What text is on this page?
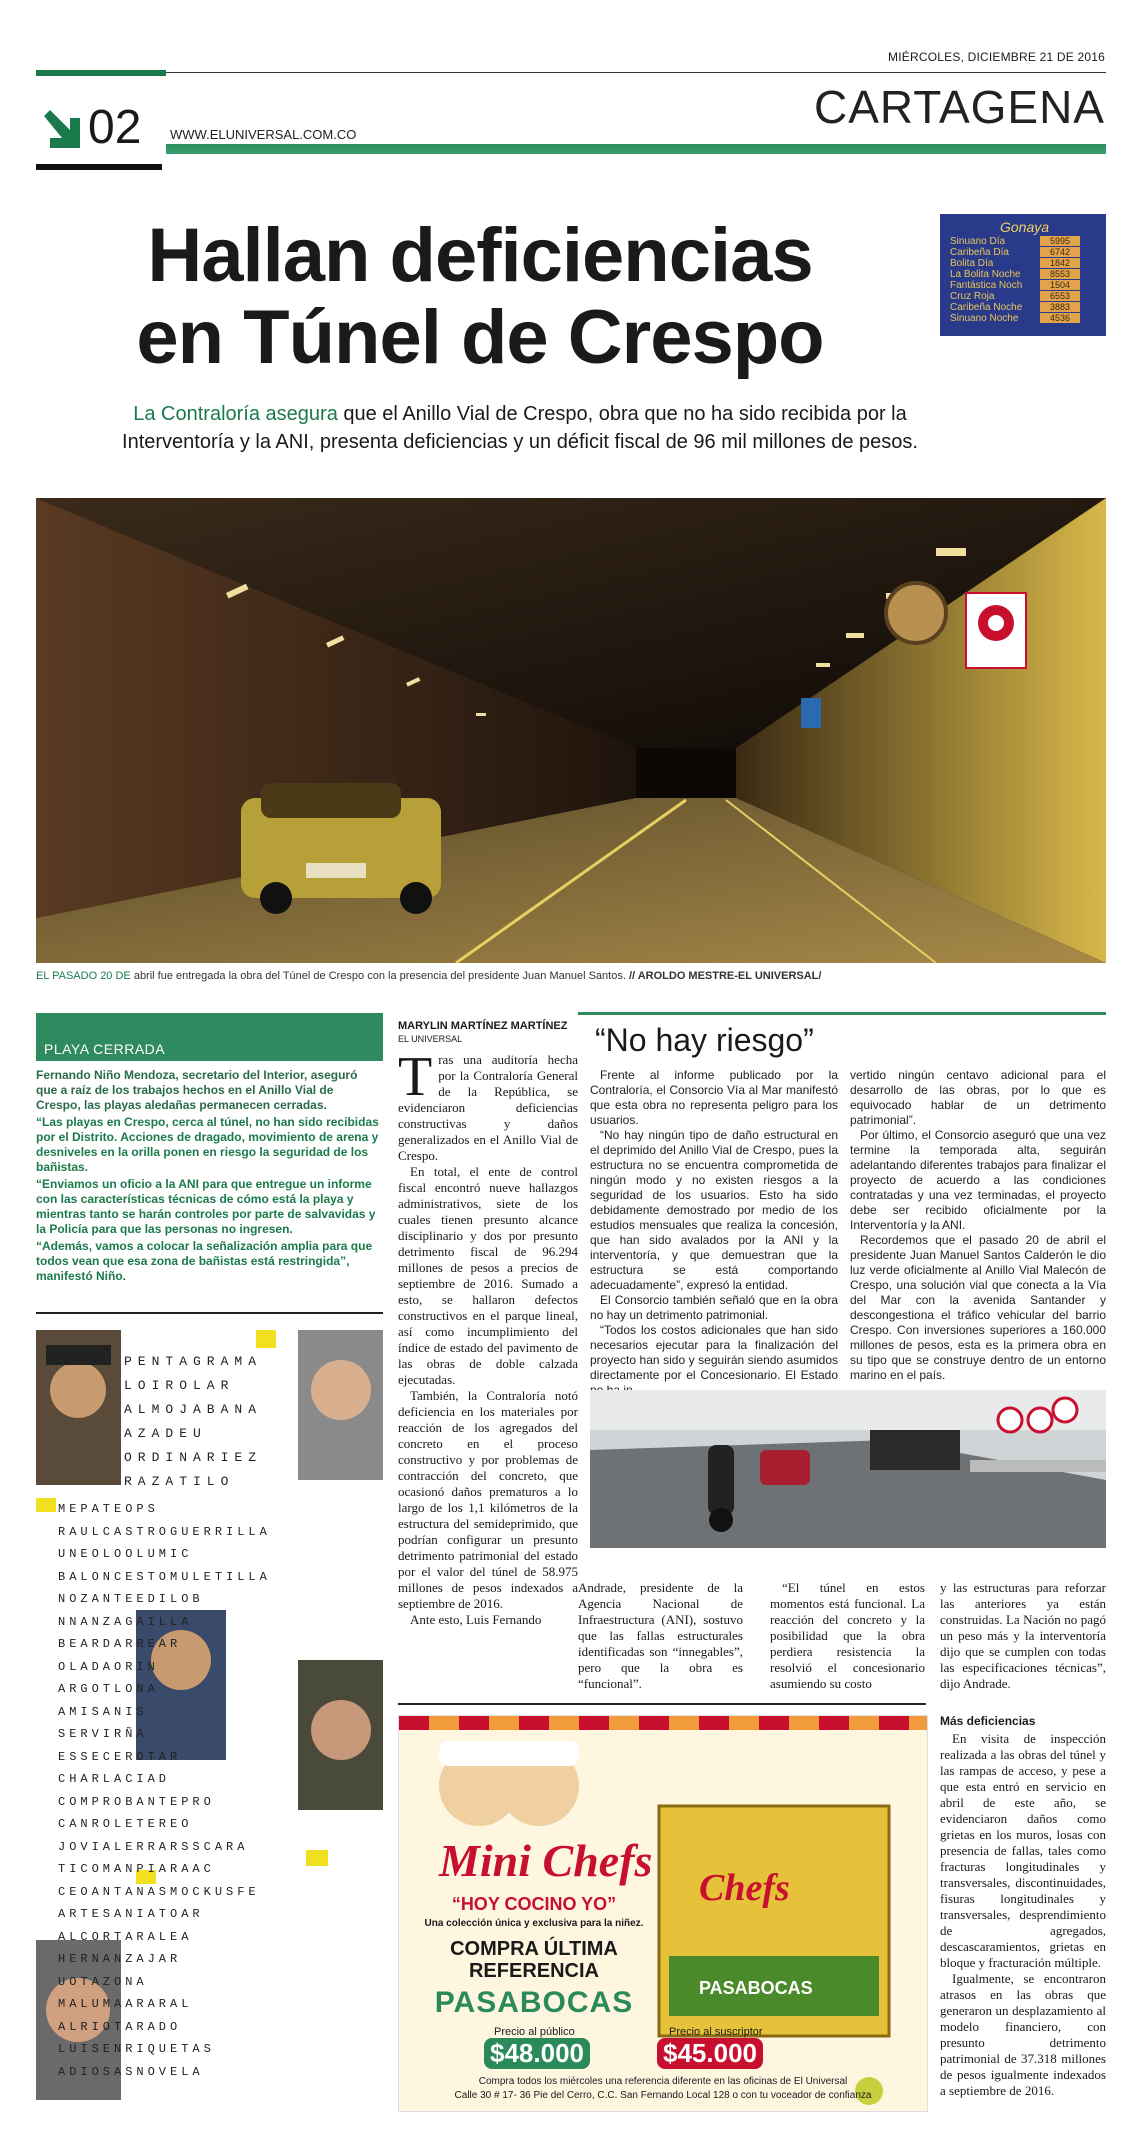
MIÉRCOLES, DICIEMBRE 21 DE 2016
CARTAGENA
02 WWW.ELUNIVERSAL.COM.CO
Hallan deficiencias
en Túnel de Crespo
La Contraloría asegura que el Anillo Vial de Crespo, obra que no ha sido recibida por la
Interventoría y la ANI, presenta deficiencias y un déficit fiscal de 96 mil millones de pesos.
Gonaya
Sinuano Día	5995
Caribeña Día	6742
Bolita Día	1842
La Bolita Noche	8553
Fantástica Noch	1504
Cruz Roja	6553
Caribeña Noche	3883
Sinuano Noche	4536
EL PASADO 20 DE abril fue entregada la obra del Túnel de Crespo con la presencia del presidente Juan Manuel Santos. // AROLDO MESTRE-EL UNIVERSAL/
PLAYA CERRADA

Fernando Niño Mendoza, secretario del Interior, aseguró que a raíz de los trabajos hechos en el Anillo Vial de Crespo, las playas aledañas permanecen cerradas.

“Las playas en Crespo, cerca al túnel, no han sido recibidas por el Distrito. Acciones de dragado, movimiento de arena y desniveles en la orilla ponen en riesgo la seguridad de los bañistas.

“Enviamos un oficio a la ANI para que entregue un informe con las características técnicas de cómo está la playa y mientras tanto se harán controles por parte de salvavidas y la Policía para que las personas no ingresen.

“Además, vamos a colocar la señalización amplia para que todos vean que esa zona de bañistas está restringida”, manifestó Niño.

PENTAGRAMA
LOIROLAR
ALMOJABANA
AZADEU
ORDINARIEZ
RAZATILO
MEPATEOPS
RAULCASTROGUERRILLA
UNEOLOOLUMIC
BALONCESTOMULETILLA
NOZANTEEDILOB
NNANZAGAILLA
BEARDARREAR
OLADAORIN
ARGOTLONA
AMISANIS
SERVIRÑA
ESSECEROTAR
CHARLACIAD
COMPROBANTEPRO
CANROLETEREO
JOVIALERRARSSCARA
TICOMANPIARAAC
CEOANTANASMOCKUSFE
ARTESANIATOAR
ALCORTARALEA
HERNANZAJAR
UOTAZONA
MALUMAARARAL
ALRIOTARADO
LUISENRIQUETAS
ADIOSASNOVELA
MARYLIN MARTÍNEZ MARTÍNEZ
EL UNIVERSAL
T ras una auditoría hecha por la Contraloría General de la República, se evidenciaron deficiencias constructivas y daños generalizados en el Anillo Vial de Crespo.

En total, el ente de control fiscal encontró nueve hallazgos administrativos, siete de los cuales tienen presunto alcance disciplinario y dos por presunto detrimento fiscal de 96.294 millones de pesos a precios de septiembre de 2016. Sumado a esto, se hallaron defectos constructivos en el parque lineal, así como incumplimiento del índice de estado del pavimento de las obras de doble calzada ejecutadas.

También, la Contraloría notó deficiencia en los materiales por reacción de los agregados del concreto en el proceso constructivo y por problemas de contracción del concreto, que ocasionó daños prematuros a lo largo de los 1,1 kilómetros de la estructura del semideprimido, que podrían configurar un presunto detrimento patrimonial del estado por el valor del túnel de 58.975 millones de pesos indexados a septiembre de 2016.

Ante esto, Luis Fernando

“No hay riesgo”

Frente al informe publicado por la Contraloría, el Consorcio Vía al Mar manifestó que esta obra no representa peligro para los usuarios.

“No hay ningún tipo de daño estructural en el deprimido del Anillo Vial de Crespo, pues la estructura no se encuentra comprometida de ningún modo y no existen riesgos a la seguridad de los usuarios. Esto ha sido debidamente demostrado por medio de los estudios mensuales que realiza la concesión, que han sido avalados por la ANI y la interventoría, y que demuestran que la estructura se está comportando adecuadamente”, expresó la entidad.

El Consorcio también señaló que en la obra no hay un detrimento patrimonial.

“Todos los costos adicionales que han sido necesarios ejecutar para la finalización del proyecto han sido y seguirán siendo asumidos directamente por el Concesionario. El Estado

vertido ningún centavo adicional para el desarrollo de las obras, por lo que es equivocado hablar de un detrimento patrimonial”.

Por último, el Consorcio aseguró que una vez termine la temporada alta, seguirán adelantando diferentes trabajos para finalizar el proyecto de acuerdo a las condiciones contratadas y una vez terminadas, el proyecto debe ser recibido oficialmente por la Interventoría y la ANI.

Recordemos que el pasado 20 de abril el presidente Juan Manuel Santos Calderón le dio luz verde oficialmente al Anillo Vial Malecón de Crespo, una solución vial que conecta a la Vía del Mar con la avenida Santander y descongestiona el tráfico vehicular del barrio Crespo. Con inversiones superiores a 160.000 millones de pesos, esta es la primera obra en su tipo que se construye dentro de un entorno marino en el país.

Andrade, presidente de la Agencia Nacional de Infraestructura (ANI), sostuvo que las fallas estructurales identificadas son “innegables”, pero que la obra es “funcional”.

“El túnel en estos momentos está funcional. La reacción del concreto y la posibilidad que la obra perdiera resistencia la resolvió el concesionario asumiendo su costo

y las estructuras para reforzar las anteriores ya están construidas. La Nación no pagó un peso más y la interventoría dijo que se cumplen con todas las especificaciones técnicas”, dijo Andrade.

Más deficiencias

En visita de inspección realizada a las obras del túnel y las rampas de acceso, y pese a que esta entró en servicio en abril de este año, se evidenciaron daños como grietas en los muros, losas con presencia de fallas, tales como fracturas longitudinales y transversales, discontinuidades, fisuras longitudinales y transversales, desprendimiento de agregados, descascaramientos, grietas en bloque y fracturación múltiple.

Igualmente, se encontraron atrasos en las obras que generaron un desplazamiento al modelo financiero, con presunto detrimento patrimonial de 37.318 millones de pesos igualmente indexados a septiembre de 2016.

Mini Chefs
“HOY COCINO YO”
Una colección única y exclusiva para la niñez.
COMPRA ÚLTIMA
REFERENCIA
PASABOCAS
Chefs
PASABOCAS
Precio al público
$48.000
Precio al suscriptor
$45.000
Compra todos los miércoles una referencia diferente en las oficinas de El Universal
Calle 30 # 17- 36 Pie del Cerro, C.C. San Fernando Local 128 o con tu voceador de confianza
